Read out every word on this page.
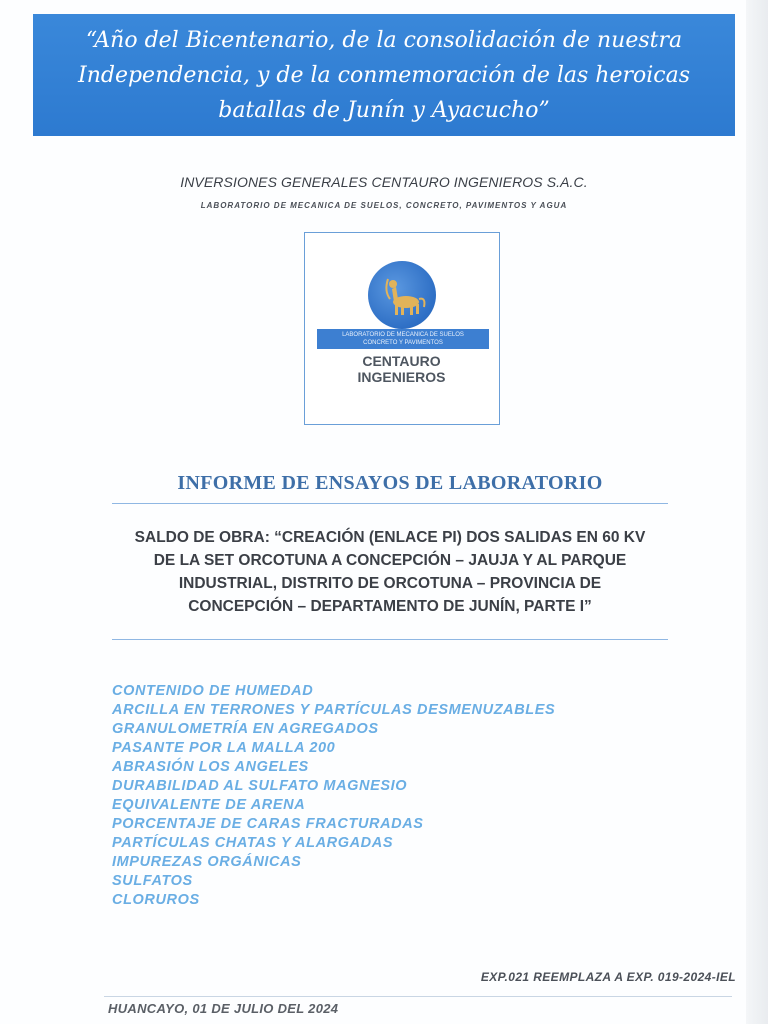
“Año del Bicentenario, de la consolidación de nuestra
Independencia, y de la conmemoración de las heroicas
batallas de Junín y Ayacucho”
INVERSIONES GENERALES CENTAURO INGENIEROS S.A.C.
LABORATORIO DE MECANICA DE SUELOS, CONCRETO, PAVIMENTOS Y AGUA
LABORATORIO DE MECANICA DE SUELOS
CONCRETO Y PAVIMENTOS
CENTAURO
INGENIEROS
INFORME DE ENSAYOS DE LABORATORIO
SALDO DE OBRA: “CREACIÓN (ENLACE PI) DOS SALIDAS EN 60 KV
DE LA SET ORCOTUNA A CONCEPCIÓN – JAUJA Y AL PARQUE
INDUSTRIAL, DISTRITO DE ORCOTUNA – PROVINCIA DE
CONCEPCIÓN – DEPARTAMENTO DE JUNÍN, PARTE I”
CONTENIDO DE HUMEDAD
ARCILLA EN TERRONES Y PARTÍCULAS DESMENUZABLES
GRANULOMETRÍA EN AGREGADOS
PASANTE POR LA MALLA 200
ABRASIÓN LOS ANGELES
DURABILIDAD AL SULFATO MAGNESIO
EQUIVALENTE DE ARENA
PORCENTAJE DE CARAS FRACTURADAS
PARTÍCULAS CHATAS Y ALARGADAS
IMPUREZAS ORGÁNICAS
SULFATOS
CLORUROS
EXP.021 REEMPLAZA A EXP. 019-2024-IEL
HUANCAYO, 01 DE JULIO DEL 2024
